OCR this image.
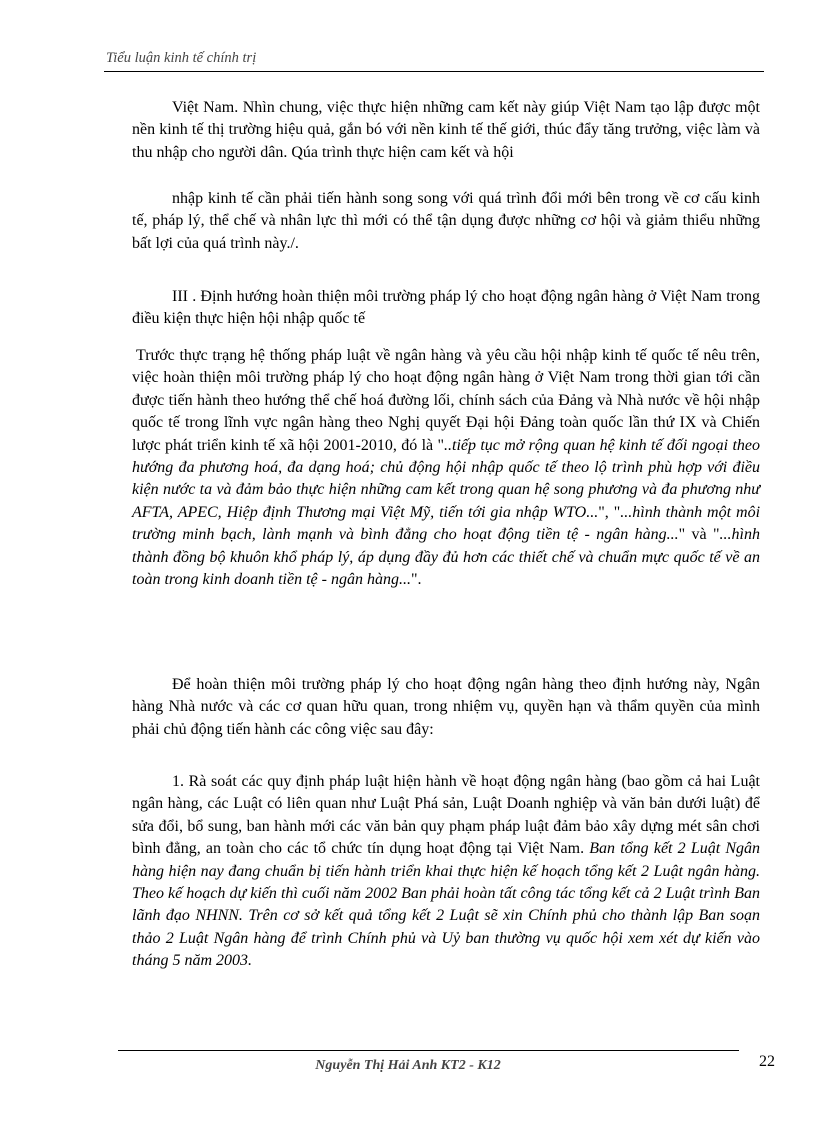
Tiểu luận kinh tế chính trị

Việt Nam. Nhìn chung, việc thực hiện những cam kết này giúp Việt Nam tạo lập được một nền kinh tế thị trường hiệu quả, gắn bó với nền kinh tế thế giới, thúc đẩy tăng trưởng, việc làm và thu nhập cho người dân. Qúa trình thực hiện cam kết và hội

nhập kinh tế cần phải tiến hành song song với quá trình đổi mới bên trong về cơ cấu kinh tế, pháp lý, thể chế và nhân lực thì mới có thể tận dụng được những cơ hội và giảm thiểu những bất lợi của quá trình này./.

III . Định hướng hoàn thiện môi trường pháp lý cho hoạt động ngân hàng ở Việt Nam trong điều kiện thực hiện hội nhập quốc tế

Trước thực trạng hệ thống pháp luật về ngân hàng và yêu cầu hội nhập kinh tế quốc tế nêu trên, việc hoàn thiện môi trường pháp lý cho hoạt động ngân hàng ở Việt Nam trong thời gian tới cần được tiến hành theo hướng thể chế hoá đường lối, chính sách của Đảng và Nhà nước về hội nhập quốc tế trong lĩnh vực ngân hàng theo Nghị quyết Đại hội Đảng toàn quốc lần thứ IX và Chiến lược phát triển kinh tế xã hội 2001-2010, đó là "..tiếp tục mở rộng quan hệ kinh tế đối ngoại theo hướng đa phương hoá, đa dạng hoá; chủ động hội nhập quốc tế theo lộ trình phù hợp với điều kiện nước ta và đảm bảo thực hiện những cam kết trong quan hệ song phương và đa phương như AFTA, APEC, Hiệp định Thương mại Việt Mỹ, tiến tới gia nhập WTO...", "...hình thành một môi trường minh bạch, lành mạnh và bình đẳng cho hoạt động tiền tệ - ngân hàng..." và "...hình thành đồng bộ khuôn khổ pháp lý, áp dụng đầy đủ hơn các thiết chế và chuẩn mực quốc tế về an toàn trong kinh doanh tiền tệ - ngân hàng...".

Để hoàn thiện môi trường pháp lý cho hoạt động ngân hàng theo định hướng này, Ngân hàng Nhà nước và các cơ quan hữu quan, trong nhiệm vụ, quyền hạn và thẩm quyền của mình phải chủ động tiến hành các công việc sau đây:

1. Rà soát các quy định pháp luật hiện hành về hoạt động ngân hàng (bao gồm cả hai Luật ngân hàng, các Luật có liên quan như Luật Phá sản, Luật Doanh nghiệp và văn bản dưới luật) để sửa đổi, bổ sung, ban hành mới các văn bản quy phạm pháp luật đảm bảo xây dựng mét sân chơi bình đẳng, an toàn cho các tổ chức tín dụng hoạt động tại Việt Nam. Ban tổng kết 2 Luật Ngân hàng hiện nay đang chuẩn bị tiến hành triển khai thực hiện kế hoạch tổng kết 2 Luật ngân hàng. Theo kế hoạch dự kiến thì cuối năm 2002 Ban phải hoàn tất công tác tổng kết cả 2 Luật trình Ban lãnh đạo NHNN. Trên cơ sở kết quả tổng kết 2 Luật sẽ xin Chính phủ cho thành lập Ban soạn thảo 2 Luật Ngân hàng để trình Chính phủ và Uỷ ban thường vụ quốc hội xem xét dự kiến vào tháng 5 năm 2003.

Nguyễn Thị Hải Anh KT2 - K12	22
